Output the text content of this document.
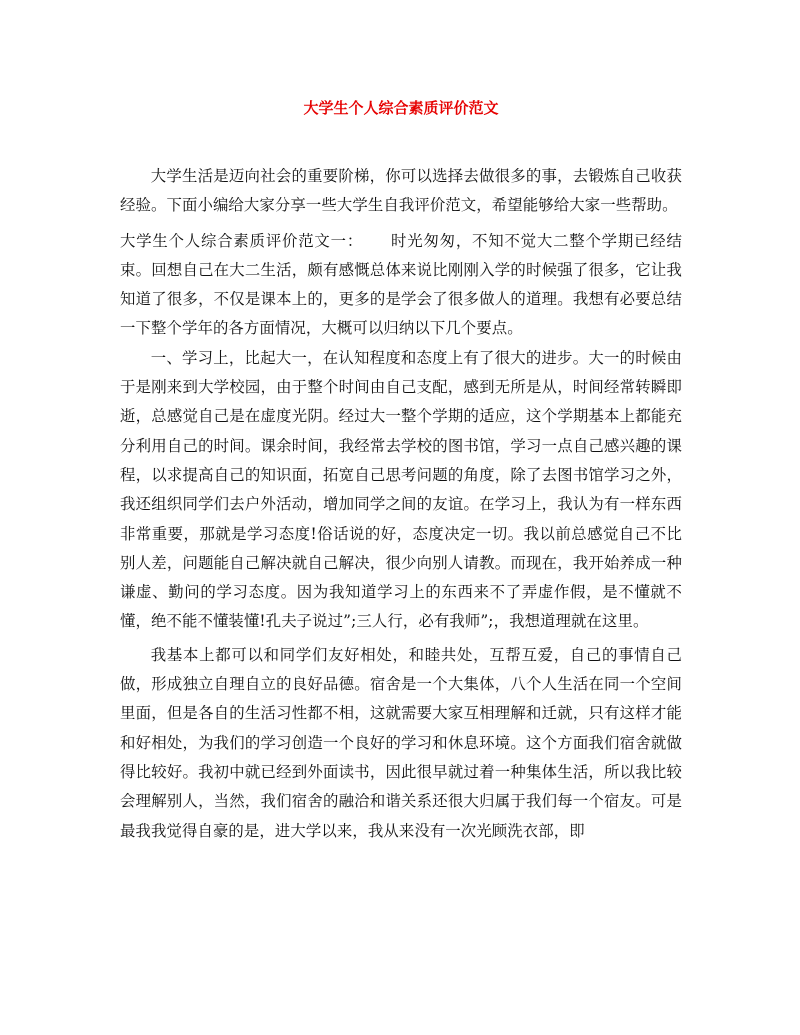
大学生个人综合素质评价范文

大学生活是迈向社会的重要阶梯，你可以选择去做很多的事，去锻炼自己收获经验。下面小编给大家分享一些大学生自我评价范文，希望能够给大家一些帮助。

大学生个人综合素质评价范文一： 时光匆匆，不知不觉大二整个学期已经结束。回想自己在大二生活，颇有感慨总体来说比刚刚入学的时候强了很多，它让我知道了很多，不仅是课本上的，更多的是学会了很多做人的道理。我想有必要总结一下整个学年的各方面情况，大概可以归纳以下几个要点。

一、学习上，比起大一，在认知程度和态度上有了很大的进步。大一的时候由于是刚来到大学校园，由于整个时间由自己支配，感到无所是从，时间经常转瞬即逝，总感觉自己是在虚度光阴。经过大一整个学期的适应，这个学期基本上都能充分利用自己的时间。课余时间，我经常去学校的图书馆，学习一点自己感兴趣的课程，以求提高自己的知识面，拓宽自己思考问题的角度，除了去图书馆学习之外，我还组织同学们去户外活动，增加同学之间的友谊。在学习上，我认为有一样东西非常重要，那就是学习态度!俗话说的好，态度决定一切。我以前总感觉自己不比别人差，问题能自己解决就自己解决，很少向别人请教。而现在，我开始养成一种谦虚、勤问的学习态度。因为我知道学习上的东西来不了弄虚作假，是不懂就不懂，绝不能不懂装懂!孔夫子说过”;三人行，必有我师”;，我想道理就在这里。

我基本上都可以和同学们友好相处，和睦共处，互帮互爱，自己的事情自己做，形成独立自理自立的良好品德。宿舍是一个大集体，八个人生活在同一个空间里面，但是各自的生活习性都不相，这就需要大家互相理解和迁就，只有这样才能和好相处，为我们的学习创造一个良好的学习和休息环境。这个方面我们宿舍就做得比较好。我初中就已经到外面读书，因此很早就过着一种集体生活，所以我比较会理解别人，当然，我们宿舍的融洽和谐关系还很大归属于我们每一个宿友。可是最我我觉得自豪的是，进大学以来，我从来没有一次光顾洗衣部，即
